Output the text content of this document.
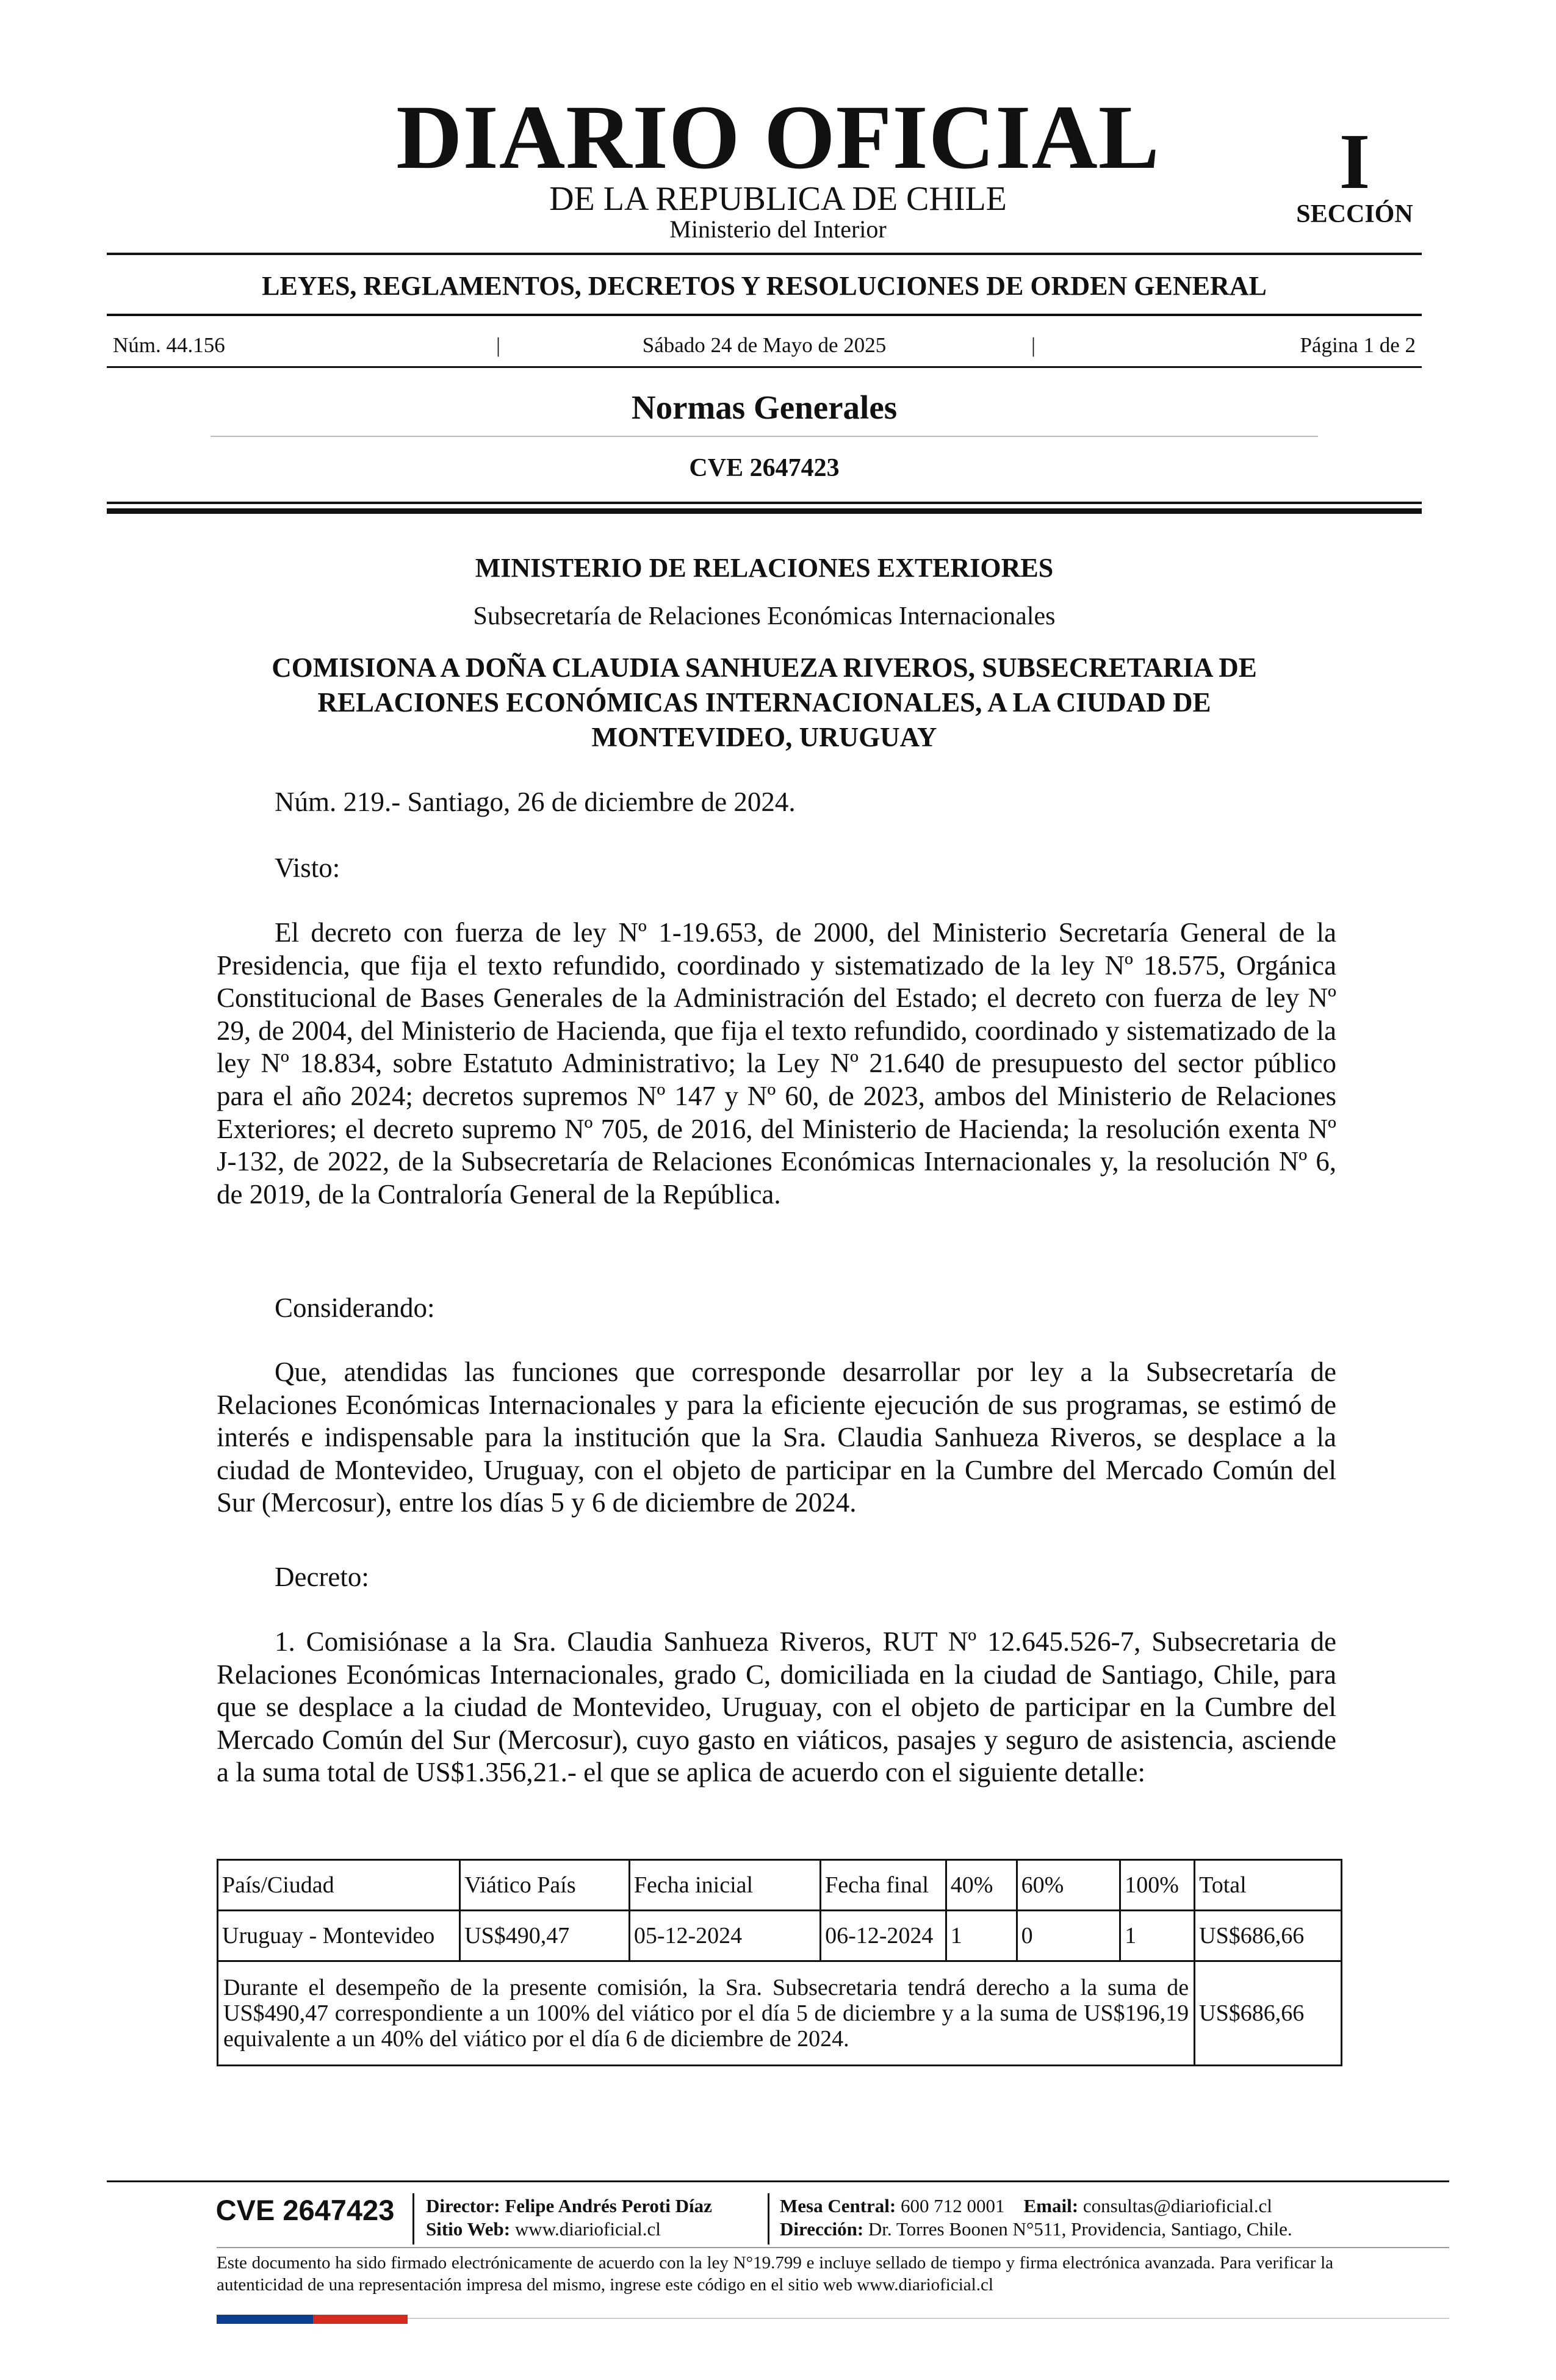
DIARIO OFICIAL
DE LA REPUBLICA DE CHILE
Ministerio del Interior
I
SECCIÓN
LEYES, REGLAMENTOS, DECRETOS Y RESOLUCIONES DE ORDEN GENERAL
Núm. 44.156	|	Sábado 24 de Mayo de 2025	|	Página 1 de 2
Normas Generales
CVE 2647423
MINISTERIO DE RELACIONES EXTERIORES
Subsecretaría de Relaciones Económicas Internacionales
COMISIONA A DOÑA CLAUDIA SANHUEZA RIVEROS, SUBSECRETARIA DE RELACIONES ECONÓMICAS INTERNACIONALES, A LA CIUDAD DE MONTEVIDEO, URUGUAY
Núm. 219.- Santiago, 26 de diciembre de 2024.
Visto:
El decreto con fuerza de ley Nº 1-19.653, de 2000, del Ministerio Secretaría General de la Presidencia, que fija el texto refundido, coordinado y sistematizado de la ley Nº 18.575, Orgánica Constitucional de Bases Generales de la Administración del Estado; el decreto con fuerza de ley Nº 29, de 2004, del Ministerio de Hacienda, que fija el texto refundido, coordinado y sistematizado de la ley Nº 18.834, sobre Estatuto Administrativo; la Ley Nº 21.640 de presupuesto del sector público para el año 2024; decretos supremos Nº 147 y Nº 60, de 2023, ambos del Ministerio de Relaciones Exteriores; el decreto supremo Nº 705, de 2016, del Ministerio de Hacienda; la resolución exenta Nº J-132, de 2022, de la Subsecretaría de Relaciones Económicas Internacionales y, la resolución Nº 6, de 2019, de la Contraloría General de la República.
Considerando:
Que, atendidas las funciones que corresponde desarrollar por ley a la Subsecretaría de Relaciones Económicas Internacionales y para la eficiente ejecución de sus programas, se estimó de interés e indispensable para la institución que la Sra. Claudia Sanhueza Riveros, se desplace a la ciudad de Montevideo, Uruguay, con el objeto de participar en la Cumbre del Mercado Común del Sur (Mercosur), entre los días 5 y 6 de diciembre de 2024.
Decreto:
1. Comisiónase a la Sra. Claudia Sanhueza Riveros, RUT Nº 12.645.526-7, Subsecretaria de Relaciones Económicas Internacionales, grado C, domiciliada en la ciudad de Santiago, Chile, para que se desplace a la ciudad de Montevideo, Uruguay, con el objeto de participar en la Cumbre del Mercado Común del Sur (Mercosur), cuyo gasto en viáticos, pasajes y seguro de asistencia, asciende a la suma total de US$1.356,21.- el que se aplica de acuerdo con el siguiente detalle:
País/Ciudad	Viático País	Fecha inicial	Fecha final	40%	60%	100%	Total
Uruguay - Montevideo	US$490,47	05-12-2024	06-12-2024	1	0	1	US$686,66
Durante el desempeño de la presente comisión, la Sra. Subsecretaria tendrá derecho a la suma de US$490,47 correspondiente a un 100% del viático por el día 5 de diciembre y a la suma de US$196,19 equivalente a un 40% del viático por el día 6 de diciembre de 2024.							US$686,66
CVE 2647423	Director: Felipe Andrés Peroti Díaz
Sitio Web: www.diarioficial.cl
Mesa Central: 600 712 0001 Email: consultas@diarioficial.cl
Dirección: Dr. Torres Boonen N°511, Providencia, Santiago, Chile.
Este documento ha sido firmado electrónicamente de acuerdo con la ley N°19.799 e incluye sellado de tiempo y firma electrónica avanzada. Para verificar la autenticidad de una representación impresa del mismo, ingrese este código en el sitio web www.diarioficial.cl
